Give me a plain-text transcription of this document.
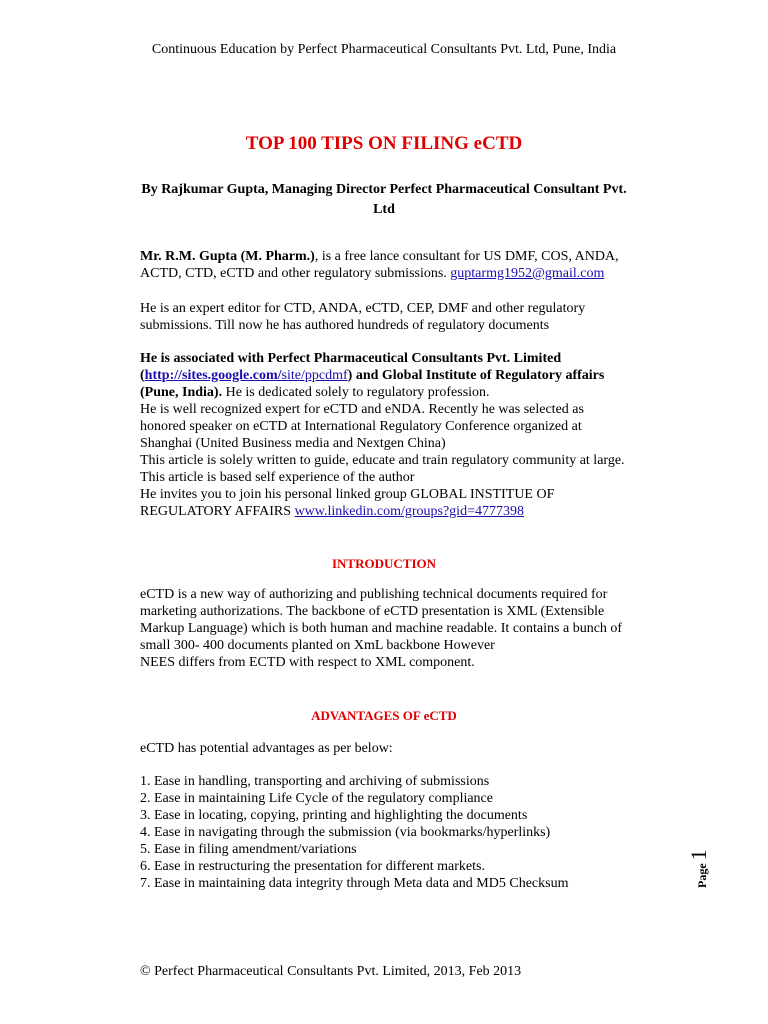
Continuous Education by Perfect Pharmaceutical Consultants Pvt. Ltd, Pune, India
TOP 100 TIPS ON FILING eCTD
By Rajkumar Gupta, Managing Director Perfect Pharmaceutical Consultant Pvt. Ltd

Mr. R.M. Gupta (M. Pharm.), is a free lance consultant for US DMF, COS, ANDA, ACTD, CTD, eCTD and other regulatory submissions. guptarmg1952@gmail.com

He is an expert editor for CTD, ANDA, eCTD, CEP, DMF and other regulatory submissions. Till now he has authored hundreds of regulatory documents

He is associated with Perfect Pharmaceutical Consultants Pvt. Limited (http://sites.google.com/site/ppcdmf) and Global Institute of Regulatory affairs (Pune, India). He is dedicated solely to regulatory profession.

He is well recognized expert for eCTD and eNDA. Recently he was selected as honored speaker on eCTD at International Regulatory Conference organized at Shanghai (United Business media and Nextgen China)

This article is solely written to guide, educate and train regulatory community at large.

This article is based self experience of the author

He invites you to join his personal linked group GLOBAL INSTITUE OF REGULATORY AFFAIRS www.linkedin.com/groups?gid=4777398

INTRODUCTION

eCTD is a new way of authorizing and publishing technical documents required for marketing authorizations. The backbone of eCTD presentation is XML (Extensible Markup Language) which is both human and machine readable. It contains a bunch of small 300- 400 documents planted on XmL backbone However

NEES differs from ECTD with respect to XML component.

ADVANTAGES OF eCTD
eCTD has potential advantages as per below:
1. Ease in handling, transporting and archiving of submissions
2. Ease in maintaining Life Cycle of the regulatory compliance
3. Ease in locating, copying, printing and highlighting the documents
4. Ease in navigating through the submission (via bookmarks/hyperlinks)
5. Ease in filing amendment/variations
6. Ease in restructuring the presentation for different markets.
7. Ease in maintaining data integrity through Meta data and MD5 Checksum	Page 1
© Perfect Pharmaceutical Consultants Pvt. Limited, 2013, Feb 2013
